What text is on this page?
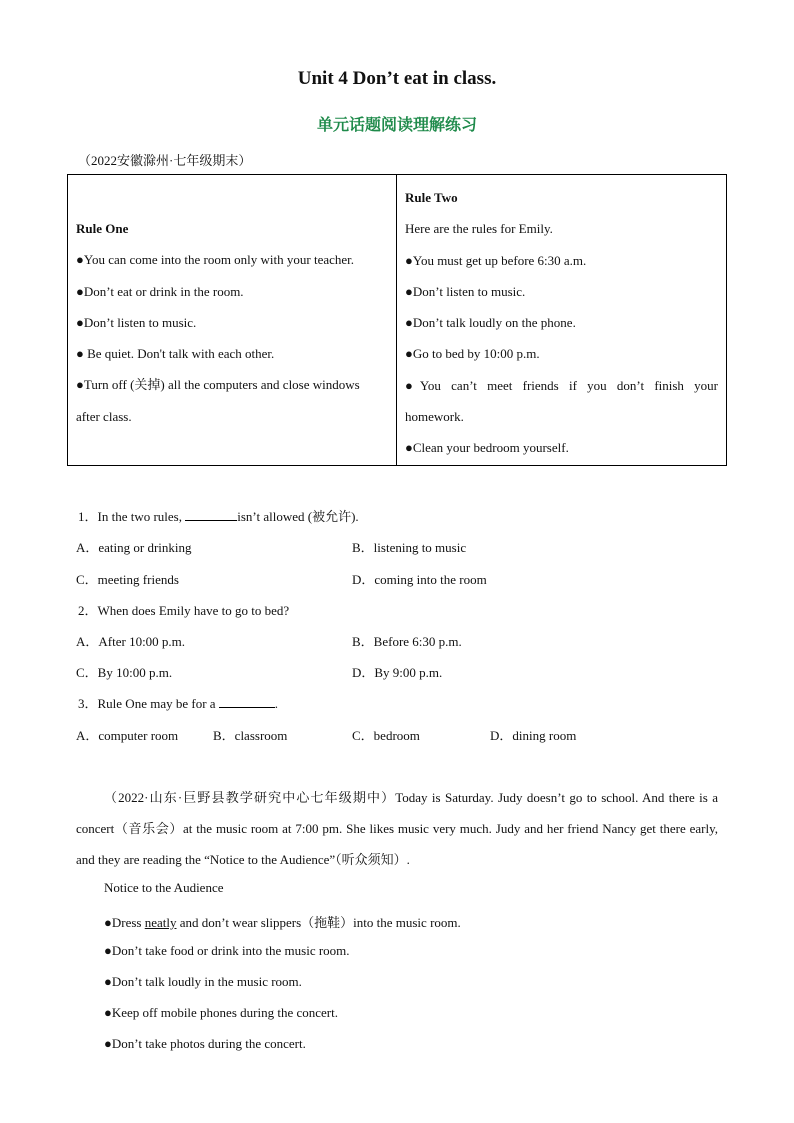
Unit 4 Don’t eat in class.
单元话题阅读理解练习
（2022安徽滁州·七年级期末）
Rule One
●You can come into the room only with your teacher.
●Don’t eat or drink in the room.
●Don’t listen to music.
● Be quiet. Don't talk with each other.
●Turn off (关掉) all the computers and close windows
after class.

Rule Two
Here are the rules for Emily.
●You must get up before 6:30 a.m.
●Don’t listen to music.
●Don’t talk loudly on the phone.
●Go to bed by 10:00 p.m.
●You can’t meet friends if you don’t finish your
homework.
●Clean your bedroom yourself.
1．In the two rules,	isn’t allowed (被允许).
A．eating or drinking	B．listening to music
C．meeting friends	D．coming into the room
2．When does Emily have to go to bed?
A．After 10:00 p.m.	B．Before 6:30 p.m.
C．By 10:00 p.m.	D．By 9:00 p.m.
3．Rule One may be for a	.
A．computer room	B．classroom	C．bedroom	D．dining room
（2022·山东·巨野县教学研究中心七年级期中）Today is Saturday. Judy doesn’t go to school. And there is a concert（音乐会）at the music room at 7:00 pm. She likes music very much. Judy and her friend Nancy get there early, and they are reading the “Notice to the Audience”（听众须知）.
Notice to the Audience
●Dress neatly and don’t wear slippers（拖鞋）into the music room.
●Don’t take food or drink into the music room.
●Don’t talk loudly in the music room.
●Keep off mobile phones during the concert.
●Don’t take photos during the concert.
